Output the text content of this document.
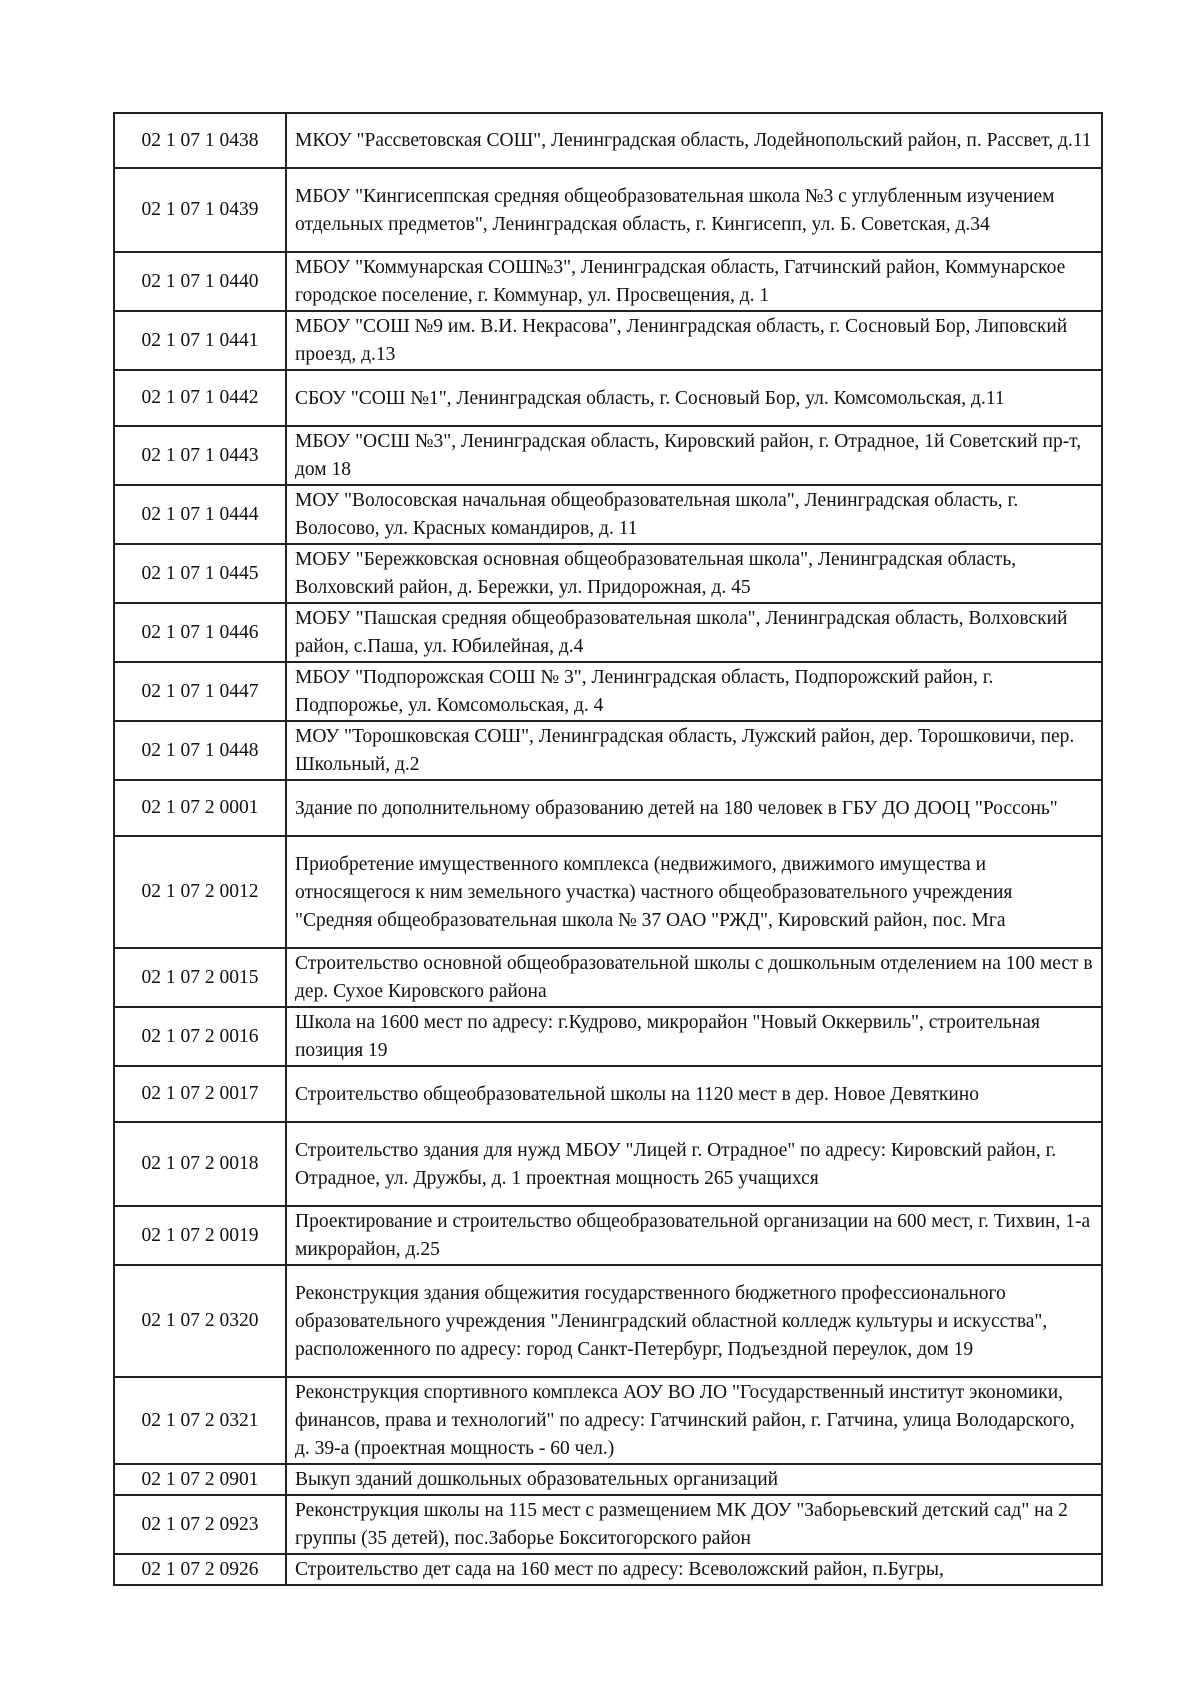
02 1 07 1 0438	МКОУ "Рассветовская СОШ", Ленинградская область, Лодейнопольский район, п. Рассвет, д.11
02 1 07 1 0439	МБОУ "Кингисеппская средняя общеобразовательная школа №3 с углубленным изучением отдельных предметов", Ленинградская область, г. Кингисепп, ул. Б. Советская, д.34
02 1 07 1 0440	МБОУ "Коммунарская СОШ№3", Ленинградская область, Гатчинский район, Коммунарское городское поселение, г. Коммунар, ул. Просвещения, д. 1
02 1 07 1 0441	МБОУ "СОШ №9 им. В.И. Некрасова", Ленинградская область, г. Сосновый Бор, Липовский проезд, д.13
02 1 07 1 0442	СБОУ "СОШ №1", Ленинградская область, г. Сосновый Бор, ул. Комсомольская, д.11
02 1 07 1 0443	МБОУ "ОСШ №3", Ленинградская область, Кировский район, г. Отрадное, 1й Советский пр-т, дом 18
02 1 07 1 0444	МОУ "Волосовская начальная общеобразовательная школа", Ленинградская область, г. Волосово, ул. Красных командиров, д. 11
02 1 07 1 0445	МОБУ "Бережковская основная общеобразовательная школа", Ленинградская область, Волховский район, д. Бережки, ул. Придорожная, д. 45
02 1 07 1 0446	МОБУ "Пашская средняя общеобразовательная школа", Ленинградская область, Волховский район, с.Паша, ул. Юбилейная, д.4
02 1 07 1 0447	МБОУ "Подпорожская СОШ № 3", Ленинградская область, Подпорожский район, г. Подпорожье, ул. Комсомольская, д. 4
02 1 07 1 0448	МОУ "Торошковская СОШ", Ленинградская область, Лужский район, дер. Торошковичи, пер. Школьный, д.2
02 1 07 2 0001	Здание по дополнительному образованию детей на 180 человек в ГБУ ДО ДООЦ "Россонь"
02 1 07 2 0012	Приобретение имущественного комплекса (недвижимого, движимого имущества и относящегося к ним земельного участка) частного общеобразовательного учреждения "Средняя общеобразовательная школа № 37 ОАО "РЖД", Кировский район, пос. Мга
02 1 07 2 0015	Строительство основной общеобразовательной школы с дошкольным отделением на 100 мест в дер. Сухое Кировского района
02 1 07 2 0016	Школа на 1600 мест по адресу: г.Кудрово, микрорайон "Новый Оккервиль", строительная позиция 19
02 1 07 2 0017	Строительство общеобразовательной школы на 1120 мест в дер. Новое Девяткино
02 1 07 2 0018	Строительство здания для нужд МБОУ "Лицей г. Отрадное" по адресу: Кировский район, г. Отрадное, ул. Дружбы, д. 1 проектная мощность 265 учащихся
02 1 07 2 0019	Проектирование и строительство общеобразовательной организации на 600 мест, г. Тихвин, 1-а микрорайон, д.25
02 1 07 2 0320	Реконструкция здания общежития государственного бюджетного профессионального образовательного учреждения "Ленинградский областной колледж культуры и искусства", расположенного по адресу: город Санкт-Петербург, Подъездной переулок, дом 19
02 1 07 2 0321	Реконструкция спортивного комплекса АОУ ВО ЛО "Государственный институт экономики, финансов, права и технологий" по адресу: Гатчинский район, г. Гатчина, улица Володарского, д. 39-а (проектная мощность - 60 чел.)
02 1 07 2 0901	Выкуп зданий дошкольных образовательных организаций
02 1 07 2 0923	Реконструкция школы на 115 мест с размещением МК ДОУ "Заборьевский детский сад" на 2 группы (35 детей), пос.Заборье Бокситогорского район
02 1 07 2 0926	Строительство дет сада на 160 мест по адресу: Всеволожский район, п.Бугры,
